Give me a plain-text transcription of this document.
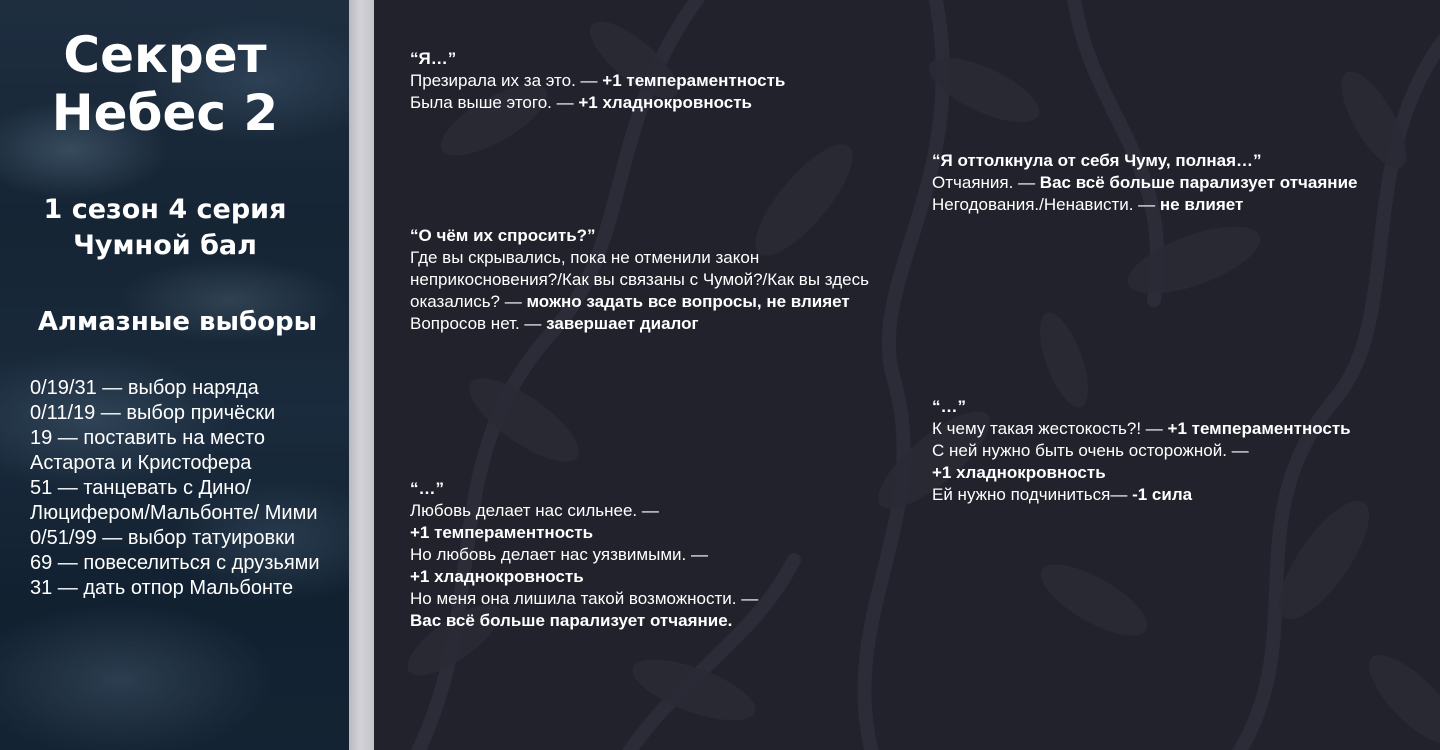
Секрет
Небес 2
1 сезон 4 серия
Чумной бал
Алмазные выборы
0/19/31 — выбор наряда
0/11/19 — выбор причёски
19 — поставить на место Астарота и Кристофера
51 — танцевать с Дино/ Люцифером/Мальбонте/ Мими
0/51/99 — выбор татуировки
69 — повеселиться с друзьями
31 — дать отпор Мальбонте
“Я…”
Презирала их за это. — +1 темпераментность
Была выше этого. — +1 хладнокровность
“О чём их спросить?”
Где вы скрывались, пока не отменили закон неприкосновения?/Как вы связаны с Чумой?/Как вы здесь оказались? — можно задать все вопросы, не влияет
Вопросов нет. — завершает диалог
“…”
Любовь делает нас сильнее. —
+1 темпераментность
Но любовь делает нас уязвимыми. —
+1 хладнокровность
Но меня она лишила такой возможности. —
Вас всё больше парализует отчаяние.
“Я оттолкнула от себя Чуму, полная…”
Отчаяния. — Вас всё больше парализует отчаяние
Негодования./Ненависти. — не влияет
“…”
К чему такая жестокость?! — +1 темпераментность
С ней нужно быть очень осторожной. —
+1 хладнокровность
Ей нужно подчиниться— -1 сила
